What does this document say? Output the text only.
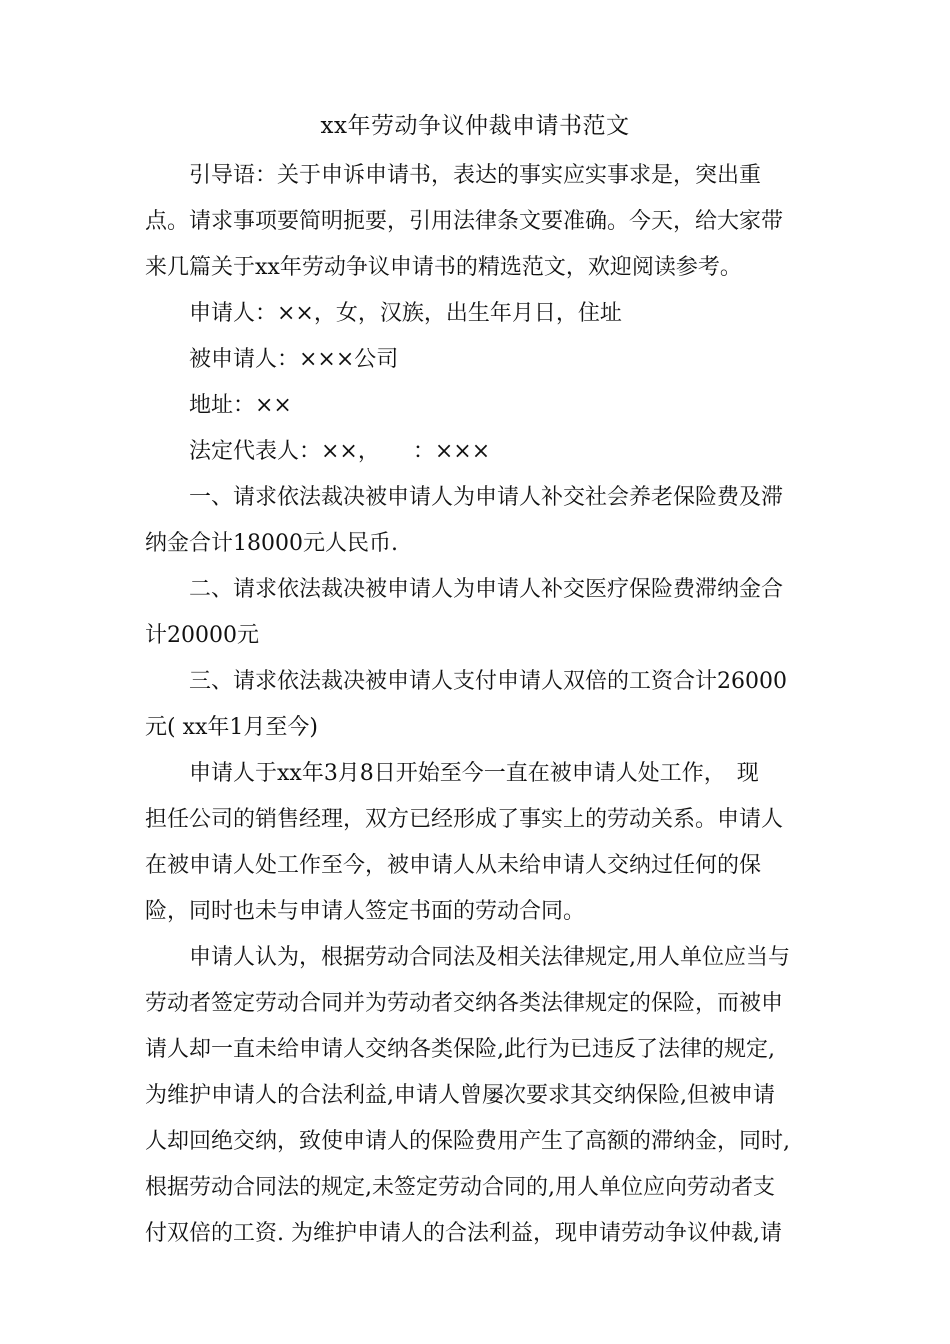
xx年劳动争议仲裁申请书范文
引导语：关于申诉申请书，表达的事实应实事求是，突出重
点。请求事项要简明扼要，引用法律条文要准确。今天，给大家带
来几篇关于xx年劳动争议申请书的精选范文，欢迎阅读参考。
申请人：××，女，汉族，出生年月日，住址
被申请人：×××公司
地址：××
法定代表人：××，　　：×××
一、请求依法裁决被申请人为申请人补交社会养老保险费及滞
纳金合计18000元人民币.
二、请求依法裁决被申请人为申请人补交医疗保险费滞纳金合
计20000元
三、请求依法裁决被申请人支付申请人双倍的工资合计26000
元( xx年1月至今)
申请人于xx年3月8日开始至今一直在被申请人处工作，　现
担任公司的销售经理，双方已经形成了事实上的劳动关系。申请人
在被申请人处工作至今，被申请人从未给申请人交纳过任何的保
险，同时也未与申请人签定书面的劳动合同。
申请人认为，根据劳动合同法及相关法律规定,用人单位应当与
劳动者签定劳动合同并为劳动者交纳各类法律规定的保险，而被申
请人却一直未给申请人交纳各类保险,此行为已违反了法律的规定,
为维护申请人的合法利益,申请人曾屡次要求其交纳保险,但被申请
人却回绝交纳，致使申请人的保险费用产生了高额的滞纳金，同时,
根据劳动合同法的规定,未签定劳动合同的,用人单位应向劳动者支
付双倍的工资. 为维护申请人的合法利益，现申请劳动争议仲裁,请
